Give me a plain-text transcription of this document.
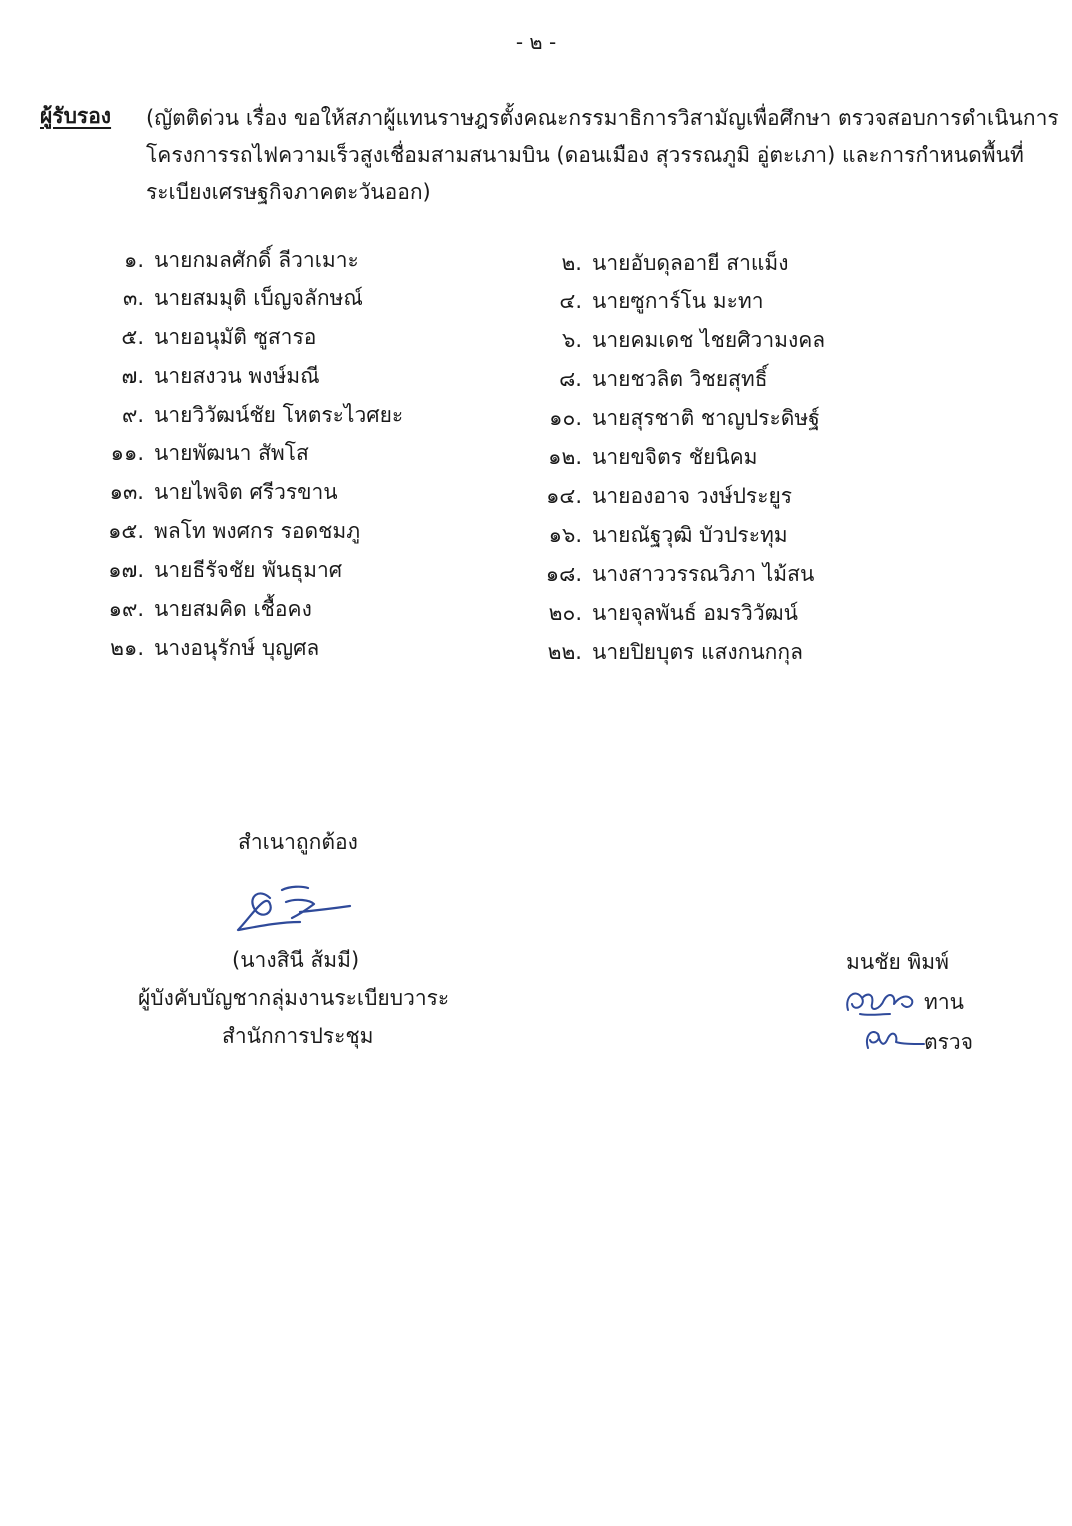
- ๒ -
ผู้รับรอง (ญัตติด่วน เรื่อง ขอให้สภาผู้แทนราษฎรตั้งคณะกรรมาธิการวิสามัญเพื่อศึกษา ตรวจสอบการดำเนินการ
โครงการรถไฟความเร็วสูงเชื่อมสามสนามบิน (ดอนเมือง สุวรรณภูมิ อู่ตะเภา) และการกำหนดพื้นที่
ระเบียงเศรษฐกิจภาคตะวันออก)
๑. นายกมลศักดิ์ ลีวาเมาะ	๒. นายอับดุลอายี สาแม็ง
๓. นายสมมุติ เบ็ญจลักษณ์	๔. นายซูการ์โน มะทา
๕. นายอนุมัติ ซูสารอ	๖. นายคมเดช ไชยศิวามงคล
๗. นายสงวน พงษ์มณี	๘. นายชวลิต วิชยสุทธิ์
๙. นายวิวัฒน์ชัย โหตระไวศยะ	๑๐. นายสุรชาติ ชาญประดิษฐ์
๑๑. นายพัฒนา สัพโส	๑๒. นายขจิตร ชัยนิคม
๑๓. นายไพจิต ศรีวรขาน	๑๔. นายองอาจ วงษ์ประยูร
๑๕. พลโท พงศกร รอดชมภู	๑๖. นายณัฐวุฒิ บัวประทุม
๑๗. นายธีรัจชัย พันธุมาศ	๑๘. นางสาววรรณวิภา ไม้สน
๑๙. นายสมคิด เชื้อคง	๒๐. นายจุลพันธ์ อมรวิวัฒน์
๒๑. นางอนุรักษ์ บุญศล	๒๒. นายปิยบุตร แสงกนกกุล
สำเนาถูกต้อง
(นางสินี ส้มมี)
ผู้บังคับบัญชากลุ่มงานระเบียบวาระ
สำนักการประชุม
มนชัย พิมพ์
ทาน
ตรวจ
